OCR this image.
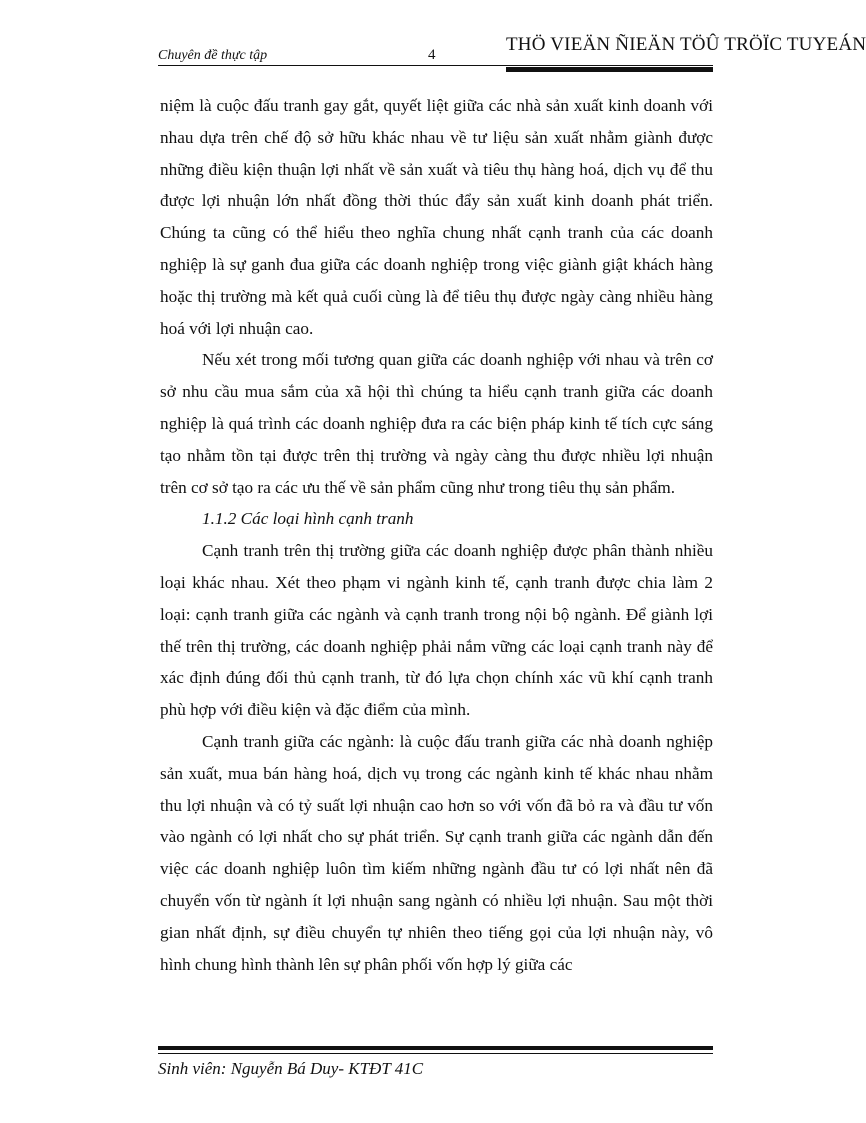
Chuyên đề thực tập	4	THÖ VIEÄN ÑIEÄN TÖÛ TRÖÏC TUYEÁN

niệm là cuộc đấu tranh gay gắt, quyết liệt giữa các nhà sản xuất kinh doanh với nhau dựa trên chế độ sở hữu khác nhau về tư liệu sản xuất nhằm giành được những điều kiện thuận lợi nhất về sản xuất và tiêu thụ hàng hoá, dịch vụ để thu được lợi nhuận lớn nhất đồng thời thúc đẩy sản xuất kinh doanh phát triển. Chúng ta cũng có thể hiểu theo nghĩa chung nhất cạnh tranh của các doanh nghiệp là sự ganh đua giữa các doanh nghiệp trong việc giành giật khách hàng hoặc thị trường mà kết quả cuối cùng là để tiêu thụ được ngày càng nhiều hàng hoá với lợi nhuận cao.

Nếu xét trong mối tương quan giữa các doanh nghiệp với nhau và trên cơ sở nhu cầu mua sắm của xã hội thì chúng ta hiểu cạnh tranh giữa các doanh nghiệp là quá trình các doanh nghiệp đưa ra các biện pháp kinh tế tích cực sáng tạo nhằm tồn tại được trên thị trường và ngày càng thu được nhiều lợi nhuận trên cơ sở tạo ra các ưu thế về sản phẩm cũng như trong tiêu thụ sản phẩm.

1.1.2 Các loại hình cạnh tranh

Cạnh tranh trên thị trường giữa các doanh nghiệp được phân thành nhiều loại khác nhau. Xét theo phạm vi ngành kinh tế, cạnh tranh được chia làm 2 loại: cạnh tranh giữa các ngành và cạnh tranh trong nội bộ ngành. Để giành lợi thế trên thị trường, các doanh nghiệp phải nắm vững các loại cạnh tranh này để xác định đúng đối thủ cạnh tranh, từ đó lựa chọn chính xác vũ khí cạnh tranh phù hợp với điều kiện và đặc điểm của mình.

Cạnh tranh giữa các ngành: là cuộc đấu tranh giữa các nhà doanh nghiệp sản xuất, mua bán hàng hoá, dịch vụ trong các ngành kinh tế khác nhau nhằm thu lợi nhuận và có tỷ suất lợi nhuận cao hơn so với vốn đã bỏ ra và đầu tư vốn vào ngành có lợi nhất cho sự phát triển. Sự cạnh tranh giữa các ngành dẫn đến việc các doanh nghiệp luôn tìm kiếm những ngành đầu tư có lợi nhất nên đã chuyển vốn từ ngành ít lợi nhuận sang ngành có nhiều lợi nhuận. Sau một thời gian nhất định, sự điều chuyển tự nhiên theo tiếng gọi của lợi nhuận này, vô hình chung hình thành lên sự phân phối vốn hợp lý giữa các

Sinh viên: Nguyễn Bá Duy- KTĐT 41C
